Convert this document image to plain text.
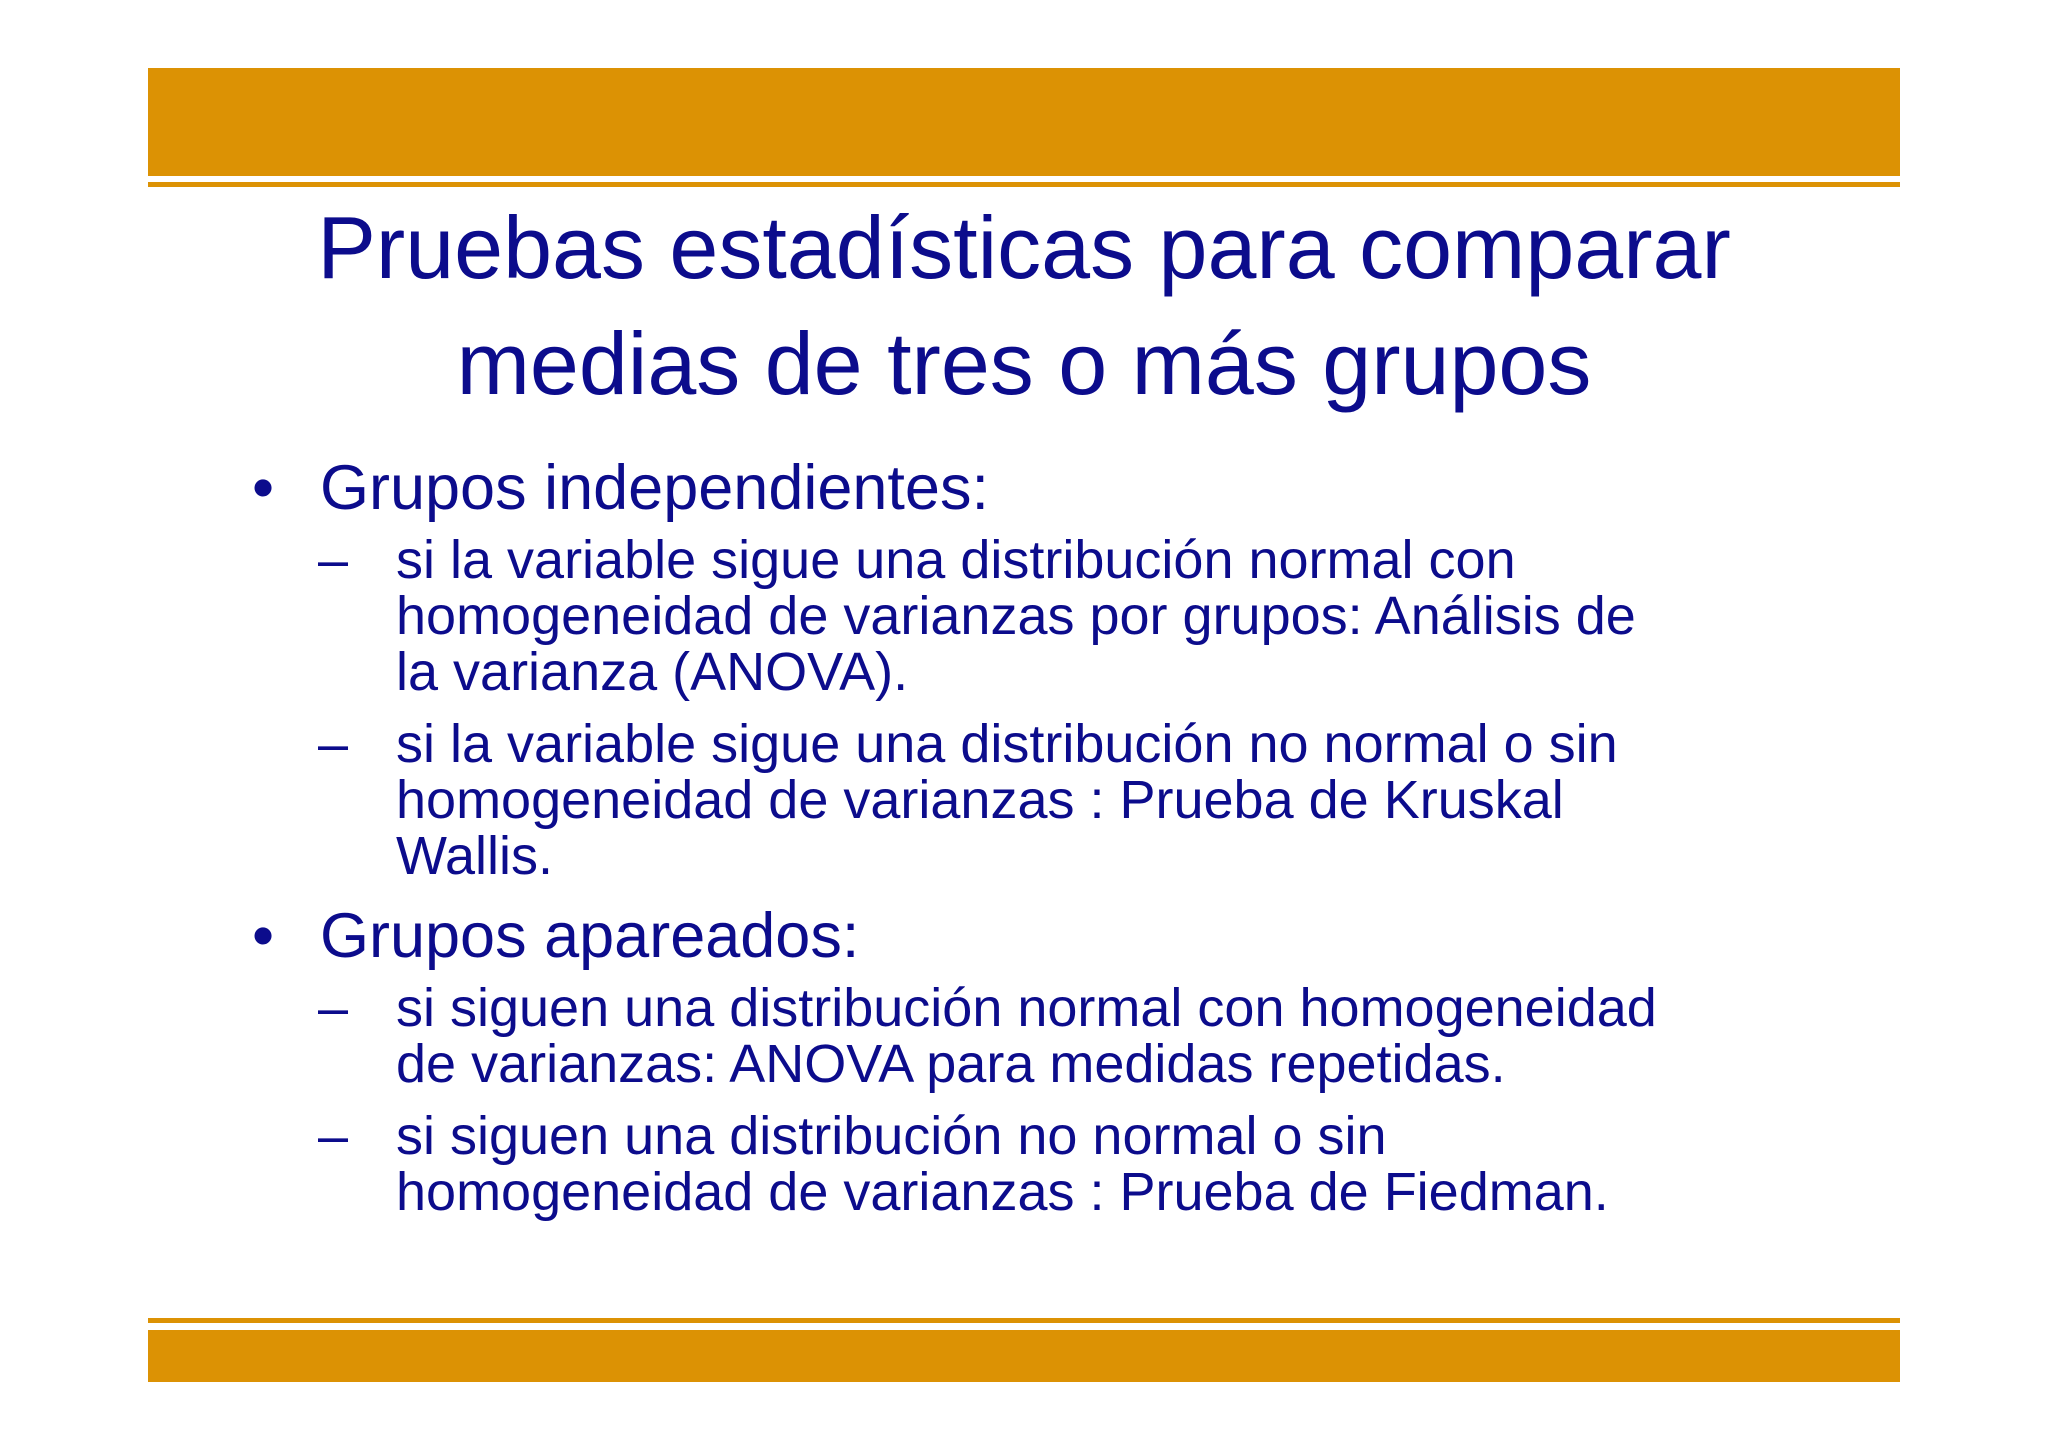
Pruebas estadísticas para comparar
medias de tres o más grupos
• Grupos independientes:
– si la variable sigue una distribución normal con
homogeneidad de varianzas por grupos: Análisis de
la varianza (ANOVA).
– si la variable sigue una distribución no normal o sin
homogeneidad de varianzas : Prueba de Kruskal
Wallis.
• Grupos apareados:
– si siguen una distribución normal con homogeneidad
de varianzas: ANOVA para medidas repetidas.
– si siguen una distribución no normal o sin
homogeneidad de varianzas : Prueba de Fiedman.
